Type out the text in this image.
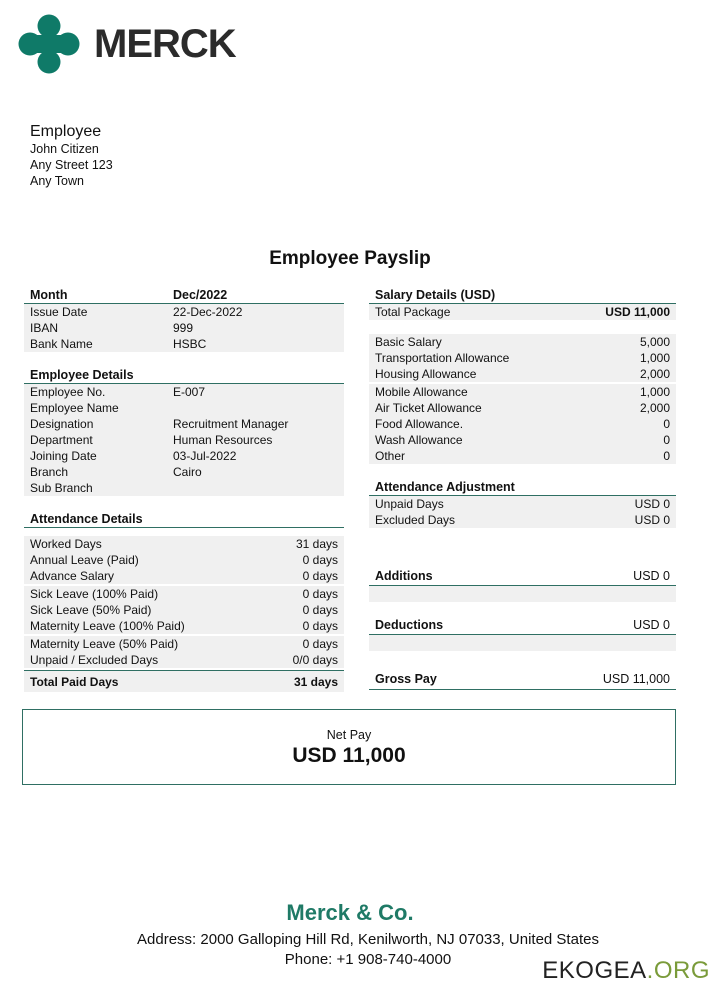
MERCK
Employee
John Citizen
Any Street 123
Any Town
Employee Payslip
Month	Dec/2022
Issue Date	22-Dec-2022
IBAN	999
Bank Name	HSBC
Employee Details
Employee No.	E-007
Employee Name
Designation	Recruitment Manager
Department	Human Resources
Joining Date	03-Jul-2022
Branch	Cairo
Sub Branch
Attendance Details
Worked Days	31 days
Annual Leave (Paid)	0 days
Advance Salary	0 days
Sick Leave (100% Paid)	0 days
Sick Leave (50% Paid)	0 days
Maternity Leave (100% Paid)	0 days
Maternity Leave (50% Paid)	0 days
Unpaid / Excluded Days	0/0 days
Total Paid Days	31 days
Salary Details (USD)
Total Package	USD 11,000
Basic Salary	5,000
Transportation Allowance	1,000
Housing Allowance	2,000
Mobile Allowance	1,000
Air Ticket Allowance	2,000
Food Allowance.	0
Wash Allowance	0
Other	0
Attendance Adjustment
Unpaid Days	USD 0
Excluded Days	USD 0
Additions	USD 0
Deductions	USD 0
Gross Pay	USD 11,000
Net Pay
USD 11,000
Merck & Co.
Address: 2000 Galloping Hill Rd, Kenilworth, NJ 07033, United States
Phone: +1 908-740-4000	EKOGEA.ORG
